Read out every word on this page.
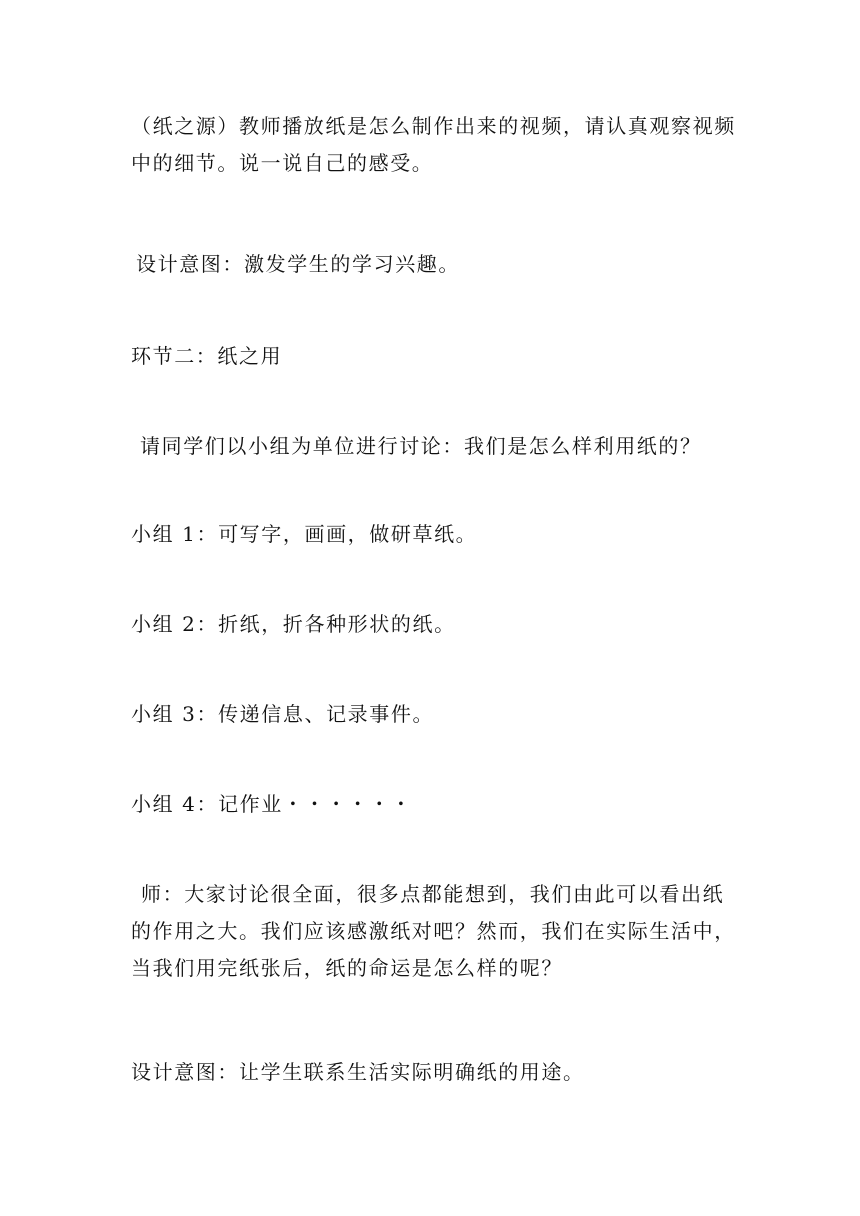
（纸之源）教师播放纸是怎么制作出来的视频，请认真观察视频中的细节。说一说自己的感受。

设计意图：激发学生的学习兴趣。

环节二：纸之用

请同学们以小组为单位进行讨论：我们是怎么样利用纸的？

小组 1：可写字，画画，做研草纸。

小组 2：折纸，折各种形状的纸。

小组 3：传递信息、记录事件。

小组 4：记作业・・・・・・

师：大家讨论很全面，很多点都能想到，我们由此可以看出纸的作用之大。我们应该感激纸对吧？然而，我们在实际生活中，当我们用完纸张后，纸的命运是怎么样的呢？

设计意图：让学生联系生活实际明确纸的用途。
